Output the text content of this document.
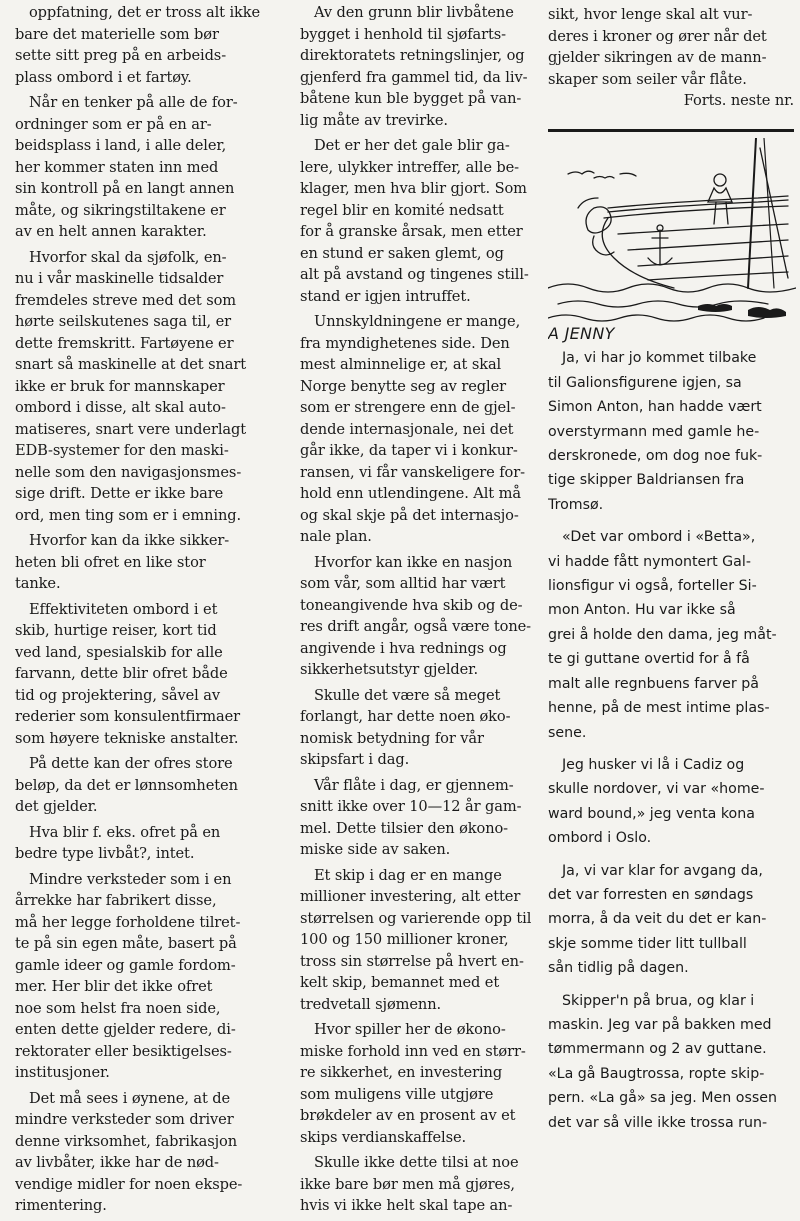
oppfatning, det er tross alt ikke
bare det materielle som bør
sette sitt preg på en arbeids-
plass ombord i et fartøy.
Når en tenker på alle de for-
ordninger som er på en ar-
beidsplass i land, i alle deler,
her kommer staten inn med
sin kontroll på en langt annen
måte, og sikringstiltakene er
av en helt annen karakter.
Hvorfor skal da sjøfolk, en-
nu i vår maskinelle tidsalder
fremdeles streve med det som
hørte seilskutenes saga til, er
dette fremskritt. Fartøyene er
snart så maskinelle at det snart
ikke er bruk for mannskaper
ombord i disse, alt skal auto-
matiseres, snart vere underlagt
EDB-systemer for den maski-
nelle som den navigasjonsmes-
sige drift. Dette er ikke bare
ord, men ting som er i emning.
Hvorfor kan da ikke sikker-
heten bli ofret en like stor
tanke.
Effektiviteten ombord i et
skib, hurtige reiser, kort tid
ved land, spesialskib for alle
farvann, dette blir ofret både
tid og projektering, såvel av
rederier som konsulentfirmaer
som høyere tekniske anstalter.
På dette kan der ofres store
beløp, da det er lønnsomheten
det gjelder.
Hva blir f. eks. ofret på en
bedre type livbåt?, intet.
Mindre verksteder som i en
årrekke har fabrikert disse,
må her legge forholdene tilret-
te på sin egen måte, basert på
gamle ideer og gamle fordom-
mer. Her blir det ikke ofret
noe som helst fra noen side,
enten dette gjelder redere, di-
rektorater eller besiktigelses-
institusjoner.
Det må sees i øynene, at de
mindre verksteder som driver
denne virksomhet, fabrikasjon
av livbåter, ikke har de nød-
vendige midler for noen ekspe-
rimentering.
Av den grunn blir livbåtene
bygget i henhold til sjøfarts-
direktoratets retningslinjer, og
gjenferd fra gammel tid, da liv-
båtene kun ble bygget på van-
lig måte av trevirke.
Det er her det gale blir ga-
lere, ulykker intreffer, alle be-
klager, men hva blir gjort. Som
regel blir en komité nedsatt
for å granske årsak, men etter
en stund er saken glemt, og
alt på avstand og tingenes still-
stand er igjen intruffet.
Unnskyldningene er mange,
fra myndighetenes side. Den
mest alminnelige er, at skal
Norge benytte seg av regler
som er strengere enn de gjel-
dende internasjonale, nei det
går ikke, da taper vi i konkur-
ransen, vi får vanskeligere for-
hold enn utlendingene. Alt må
og skal skje på det internasjo-
nale plan.
Hvorfor kan ikke en nasjon
som vår, som alltid har vært
toneangivende hva skib og de-
res drift angår, også være tone-
angivende i hva rednings og
sikkerhetsutstyr gjelder.
Skulle det være så meget
forlangt, har dette noen øko-
nomisk betydning for vår
skipsfart i dag.
Vår flåte i dag, er gjennem-
snitt ikke over 10—12 år gam-
mel. Dette tilsier den økono-
miske side av saken.
Et skip i dag er en mange
millioner investering, alt etter
størrelsen og varierende opp til
100 og 150 millioner kroner,
tross sin størrelse på hvert en-
kelt skip, bemannet med et
tredvetall sjømenn.
Hvor spiller her de økono-
miske forhold inn ved en størr-
re sikkerhet, en investering
som muligens ville utgjøre
brøkdeler av en prosent av et
skips verdianskaffelse.
Skulle ikke dette tilsi at noe
ikke bare bør men må gjøres,
hvis vi ikke helt skal tape an-
sikt, hvor lenge skal alt vur-
deres i kroner og ører når det
gjelder sikringen av de mann-
skaper som seiler vår flåte.
Forts. neste nr.
A JENNY
Ja, vi har jo kommet tilbake
til Galionsfigurene igjen, sa
Simon Anton, han hadde vært
overstyrmann med gamle he-
derskronede, om dog noe fuk-
tige skipper Baldriansen fra
Tromsø.
«Det var ombord i «Betta»,
vi hadde fått nymontert Gal-
lionsfigur vi også, forteller Si-
mon Anton. Hu var ikke så
grei å holde den dama, jeg måt-
te gi guttane overtid for å få
malt alle regnbuens farver på
henne, på de mest intime plas-
sene.
Jeg husker vi lå i Cadiz og
skulle nordover, vi var «home-
ward bound,» jeg venta kona
ombord i Oslo.
Ja, vi var klar for avgang da,
det var forresten en søndags
morra, å da veit du det er kan-
skje somme tider litt tullball
sån tidlig på dagen.
Skipper'n på brua, og klar i
maskin. Jeg var på bakken med
tømmermann og 2 av guttane.
«La gå Baugtrossa, ropte skip-
pern. «La gå» sa jeg. Men ossen
det var så ville ikke trossa run-
